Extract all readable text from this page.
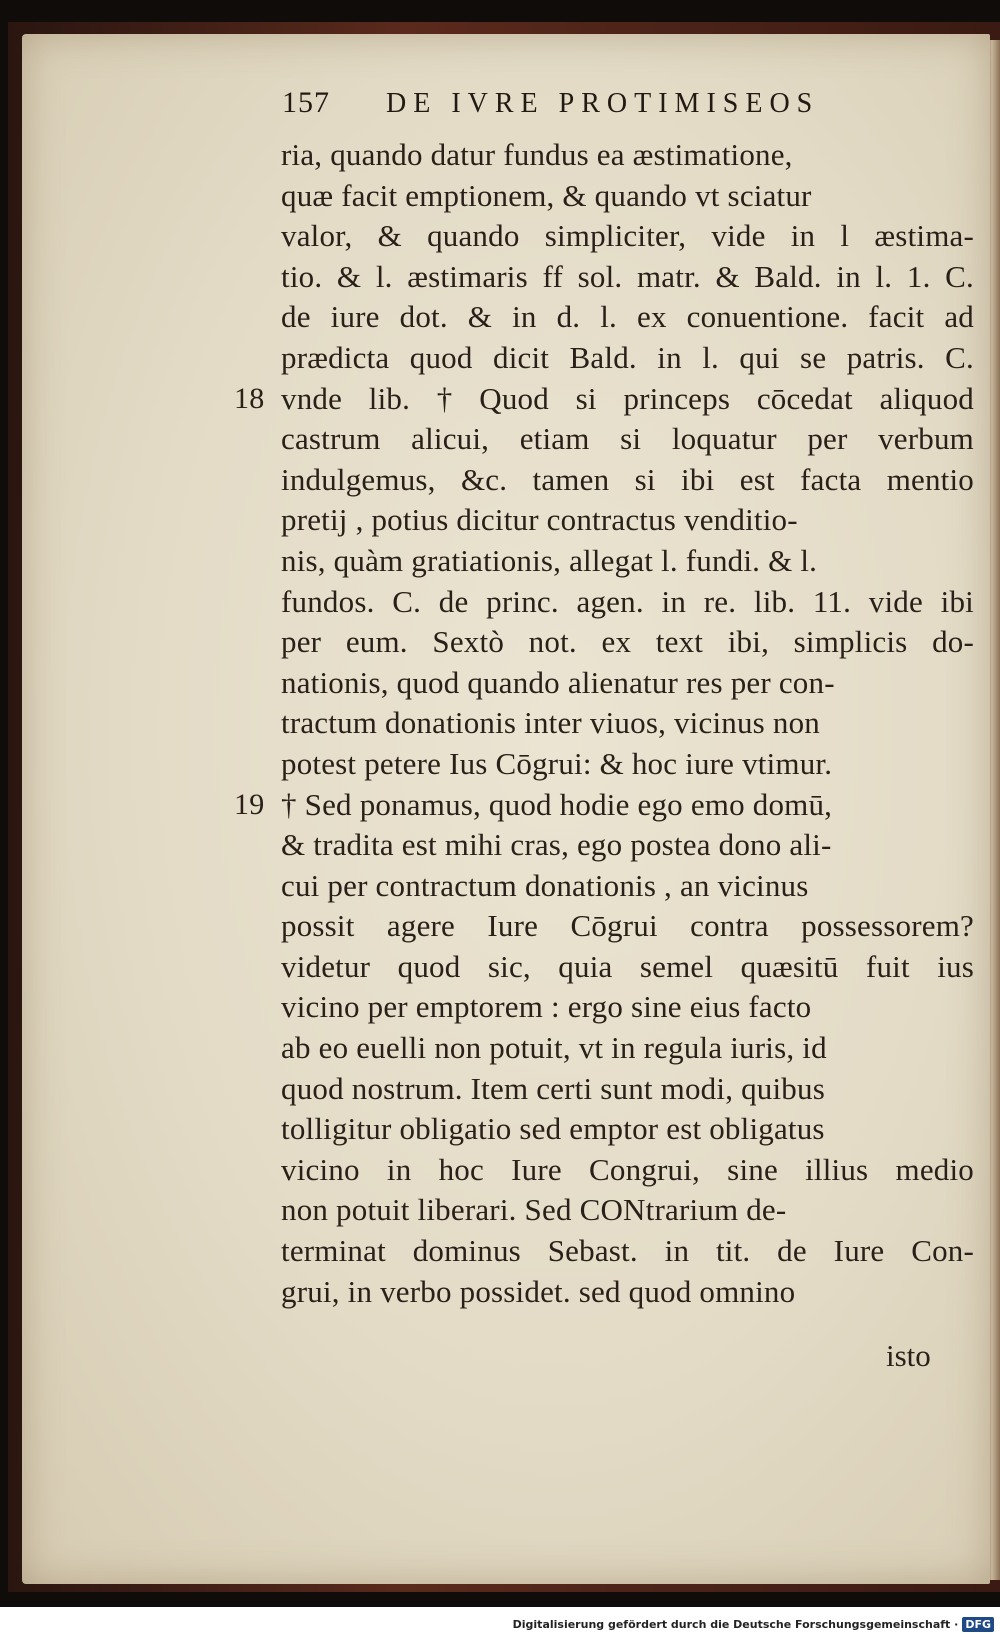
157 DE IVRE PROTIMISEOS
ria, quando datur fundus ea æstimatione,
quæ facit emptionem, & quando vt sciatur
valor, & quando simpliciter, vide in l æstima-
tio. & l. æstimaris ff sol. matr. & Bald. in l. 1. C.
de iure dot. & in d. l. ex conuentione. facit ad
prædicta quod dicit Bald. in l. qui se patris. C.
18 vnde lib. † Quod si princeps cōcedat aliquod
castrum alicui, etiam si loquatur per verbum
indulgemus, &c. tamen si ibi est facta mentio
pretij , potius dicitur contractus venditio-
nis, quàm gratiationis, allegat l. fundi. & l.
fundos. C. de princ. agen. in re. lib. 11. vide ibi
per eum. Sextò not. ex text ibi, simplicis do-
nationis, quod quando alienatur res per con-
tractum donationis inter viuos, vicinus non
potest petere Ius Cōgrui: & hoc iure vtimur.
19 † Sed ponamus, quod hodie ego emo domū,
& tradita est mihi cras, ego postea dono ali-
cui per contractum donationis , an vicinus
possit agere Iure Cōgrui contra possessorem?
videtur quod sic, quia semel quæsitū fuit ius
vicino per emptorem : ergo sine eius facto
ab eo euelli non potuit, vt in regula iuris, id
quod nostrum. Item certi sunt modi, quibus
tolligitur obligatio sed emptor est obligatus
vicino in hoc Iure Congrui, sine illius medio
non potuit liberari. Sed CONtrarium de-
terminat dominus Sebast. in tit. de Iure Con-
grui, in verbo possidet. sed quod omnino
isto
Digitalisierung gefördert durch die Deutsche Forschungsgemeinschaft · DFG
